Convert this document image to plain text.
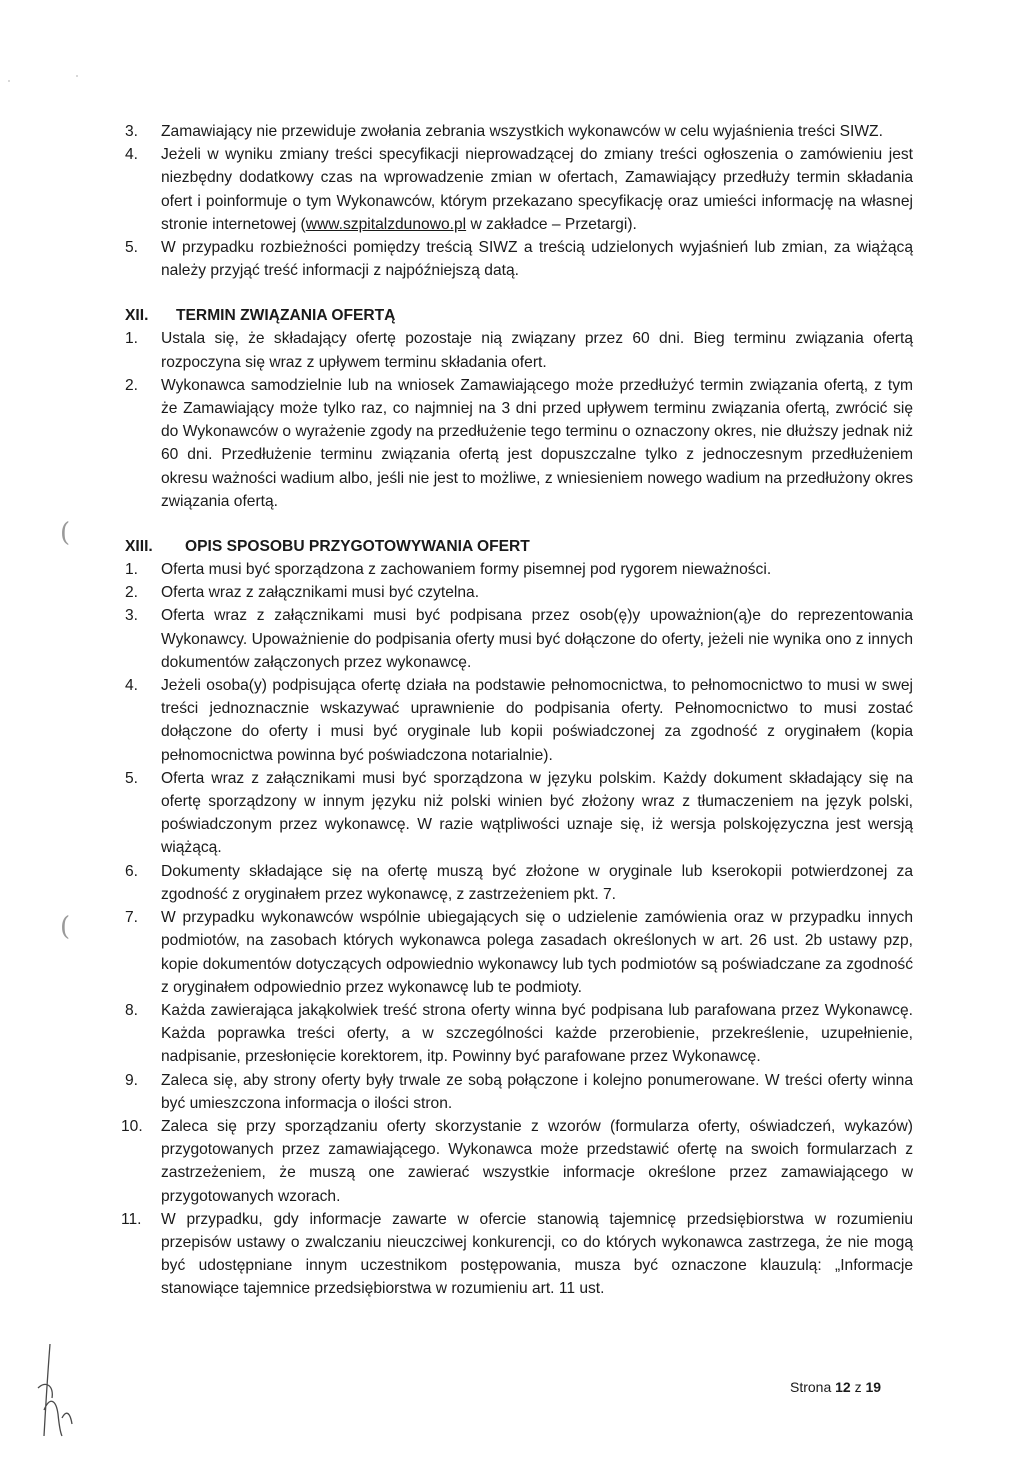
(
(
3. Zamawiający nie przewiduje zwołania zebrania wszystkich wykonawców w celu wyjaśnienia treści SIWZ.
4. Jeżeli w wyniku zmiany treści specyfikacji nieprowadzącej do zmiany treści ogłoszenia o zamówieniu jest niezbędny dodatkowy czas na wprowadzenie zmian w ofertach, Zamawiający przedłuży termin składania ofert i poinformuje o tym Wykonawców, którym przekazano specyfikację oraz umieści informację na własnej stronie internetowej (www.szpitalzdunowo.pl w zakładce – Przetargi).
5. W przypadku rozbieżności pomiędzy treścią SIWZ a treścią udzielonych wyjaśnień lub zmian, za wiążącą należy przyjąć treść informacji z najpóźniejszą datą.
XII. TERMIN ZWIĄZANIA OFERTĄ
1. Ustala się, że składający ofertę pozostaje nią związany przez 60 dni. Bieg terminu związania ofertą rozpoczyna się wraz z upływem terminu składania ofert.
2. Wykonawca samodzielnie lub na wniosek Zamawiającego może przedłużyć termin związania ofertą, z tym że Zamawiający może tylko raz, co najmniej na 3 dni przed upływem terminu związania ofertą, zwrócić się do Wykonawców o wyrażenie zgody na przedłużenie tego terminu o oznaczony okres, nie dłuższy jednak niż 60 dni. Przedłużenie terminu związania ofertą jest dopuszczalne tylko z jednoczesnym przedłużeniem okresu ważności wadium albo, jeśli nie jest to możliwe, z wniesieniem nowego wadium na przedłużony okres związania ofertą.
XIII. OPIS SPOSOBU PRZYGOTOWYWANIA OFERT
1. Oferta musi być sporządzona z zachowaniem formy pisemnej pod rygorem nieważności.
2. Oferta wraz z załącznikami musi być czytelna.
3. Oferta wraz z załącznikami musi być podpisana przez osob(ę)y upoważnion(ą)e do reprezentowania Wykonawcy. Upoważnienie do podpisania oferty musi być dołączone do oferty, jeżeli nie wynika ono z innych dokumentów załączonych przez wykonawcę.
4. Jeżeli osoba(y) podpisująca ofertę działa na podstawie pełnomocnictwa, to pełnomocnictwo to musi w swej treści jednoznacznie wskazywać uprawnienie do podpisania oferty. Pełnomocnictwo to musi zostać dołączone do oferty i musi być oryginale lub kopii poświadczonej za zgodność z oryginałem (kopia pełnomocnictwa powinna być poświadczona notarialnie).
5. Oferta wraz z załącznikami musi być sporządzona w języku polskim. Każdy dokument składający się na ofertę sporządzony w innym języku niż polski winien być złożony wraz z tłumaczeniem na język polski, poświadczonym przez wykonawcę. W razie wątpliwości uznaje się, iż wersja polskojęzyczna jest wersją wiążącą.
6. Dokumenty składające się na ofertę muszą być złożone w oryginale lub kserokopii potwierdzonej za zgodność z oryginałem przez wykonawcę, z zastrzeżeniem pkt. 7.
7. W przypadku wykonawców wspólnie ubiegających się o udzielenie zamówienia oraz w przypadku innych podmiotów, na zasobach których wykonawca polega zasadach określonych w art. 26 ust. 2b ustawy pzp, kopie dokumentów dotyczących odpowiednio wykonawcy lub tych podmiotów są poświadczane za zgodność z oryginałem odpowiednio przez wykonawcę lub te podmioty.
8. Każda zawierająca jakąkolwiek treść strona oferty winna być podpisana lub parafowana przez Wykonawcę. Każda poprawka treści oferty, a w szczególności każde przerobienie, przekreślenie, uzupełnienie, nadpisanie, przesłonięcie korektorem, itp. Powinny być parafowane przez Wykonawcę.
9. Zaleca się, aby strony oferty były trwale ze sobą połączone i kolejno ponumerowane. W treści oferty winna być umieszczona informacja o ilości stron.
10. Zaleca się przy sporządzaniu oferty skorzystanie z wzorów (formularza oferty, oświadczeń, wykazów) przygotowanych przez zamawiającego. Wykonawca może przedstawić ofertę na swoich formularzach z zastrzeżeniem, że muszą one zawierać wszystkie informacje określone przez zamawiającego w przygotowanych wzorach.
11. W przypadku, gdy informacje zawarte w ofercie stanowią tajemnicę przedsiębiorstwa w rozumieniu przepisów ustawy o zwalczaniu nieuczciwej konkurencji, co do których wykonawca zastrzega, że nie mogą być udostępniane innym uczestnikom postępowania, musza być oznaczone klauzulą: „Informacje stanowiące tajemnice przedsiębiorstwa w rozumieniu art. 11 ust.
Strona 12 z 19
